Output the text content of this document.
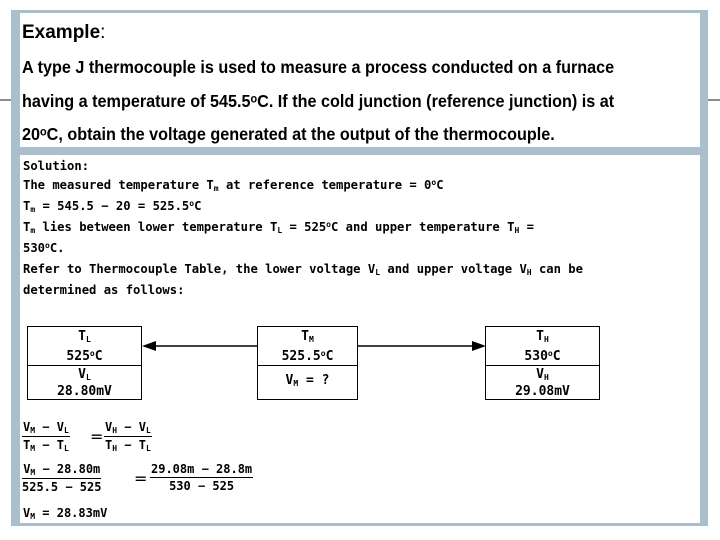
Example:
A type J thermocouple is used to measure a process conducted on a furnace
having a temperature of 545.5ᵒC. If the cold junction (reference junction) is at
20ᵒC, obtain the voltage generated at the output of the thermocouple.
Solution:
The measured temperature $T_m$ at reference temperature = $0^oC$
$T_m = 545.5 - 20 = 525.5^oC$
$T_m$ lies between lower temperature $T_L = 525^oC$ and upper temperature $T_H$ =
$530^oC$.
Refer to Thermocouple Table, the lower voltage $V_L$ and upper voltage $V_H$ can be
determined as follows:
$T_L$
525$^o$C
$V_L$
28.80mV
$T_M$
525.5$^o$C
$V_M$ = ?
$T_H$
530$^o$C
$V_H$
29.08mV
$\frac{V_M - V_L}{T_M - T_L} = \frac{V_H - V_L}{T_H - T_L}$
$\frac{V_M - 28.80m}{525.5 - 525} = \frac{29.08m - 28.8m}{530 - 525}$
$V_M = 28.83mV$
